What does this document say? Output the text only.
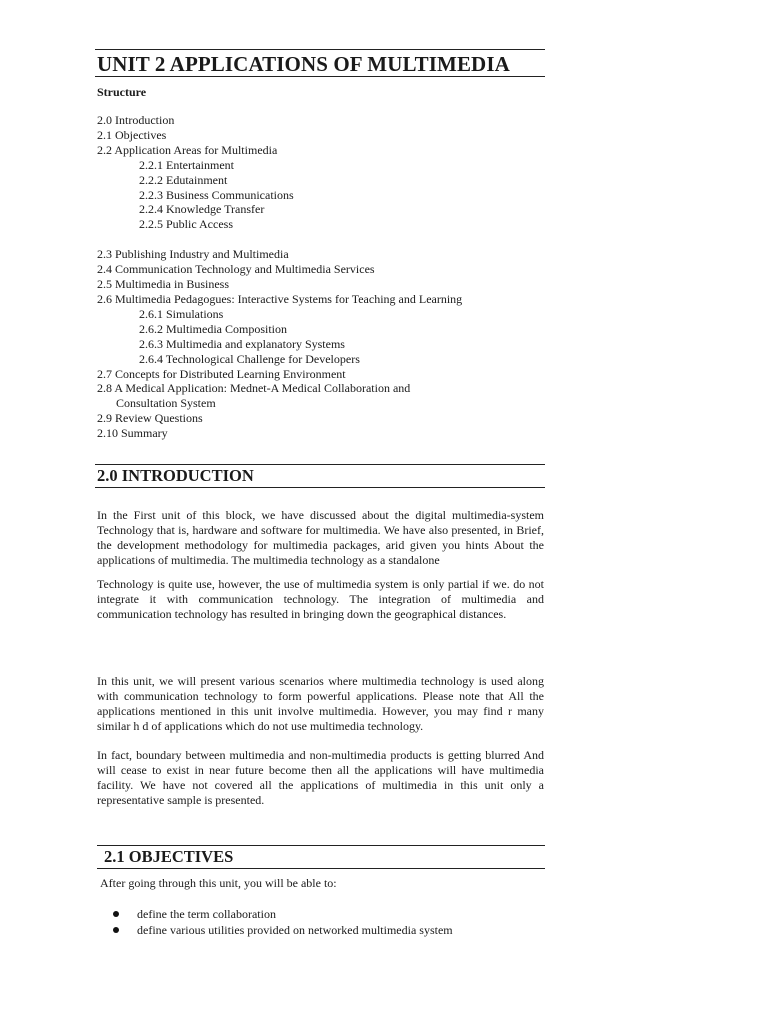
UNIT 2 APPLICATIONS OF MULTIMEDIA
Structure
2.0 Introduction
2.1 Objectives
2.2 Application Areas for Multimedia
2.2.1 Entertainment
2.2.2 Edutainment
2.2.3 Business Communications
2.2.4 Knowledge Transfer
2.2.5 Public Access
2.3 Publishing Industry and Multimedia
2.4 Communication Technology and Multimedia Services
2.5 Multimedia in Business
2.6 Multimedia Pedagogues: Interactive Systems for Teaching and Learning
2.6.1 Simulations
2.6.2 Multimedia Composition
2.6.3 Multimedia and explanatory Systems
2.6.4 Technological Challenge for Developers
2.7 Concepts for Distributed Learning Environment
2.8 A Medical Application: Mednet-A Medical Collaboration and
Consultation System
2.9 Review Questions
2.10 Summary
2.0 INTRODUCTION
In the First unit of this block, we have discussed about the digital multimedia-system Technology that is, hardware and software for multimedia. We have also presented, in Brief, the development methodology for multimedia packages, arid given you hints About the applications of multimedia. The multimedia technology as a standalone
Technology is quite use, however, the use of multimedia system is only partial if we. do not integrate it with communication technology. The integration of multimedia and communication technology has resulted in bringing down the geographical distances.
In this unit, we will present various scenarios where multimedia technology is used along with communication technology to form powerful applications. Please note that All the applications mentioned in this unit involve multimedia. However, you may find r many similar h d of applications which do not use multimedia technology.
In fact, boundary between multimedia and non-multimedia products is getting blurred And will cease to exist in near future become then all the applications will have multimedia facility. We have not covered all the applications of multimedia in this unit only a representative sample is presented.
2.1 OBJECTIVES
After going through this unit, you will be able to:
define the term collaboration
define various utilities provided on networked multimedia system
